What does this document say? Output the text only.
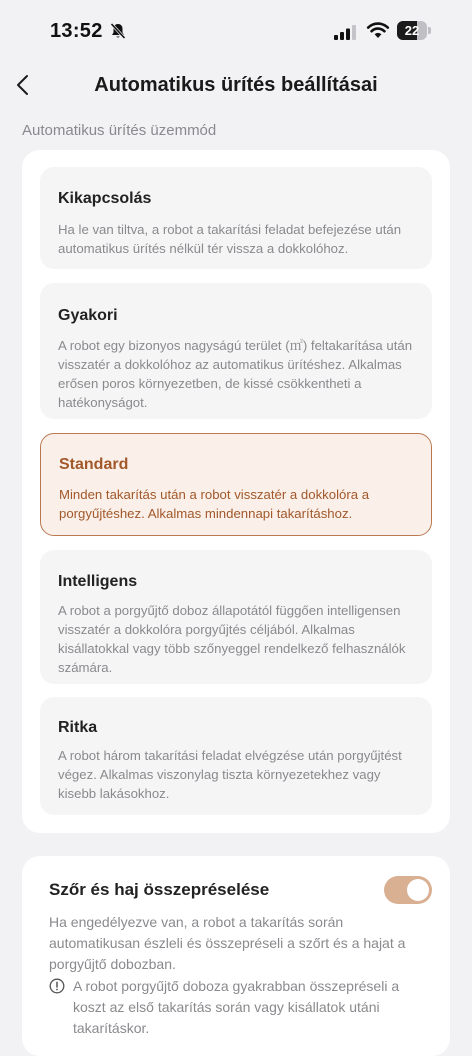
13:52	22
Automatikus ürítés beállításai
Automatikus ürítés üzemmód
Kikapcsolás
Ha le van tiltva, a robot a takarítási feladat befejezése után automatikus ürítés nélkül tér vissza a dokkolóhoz.
Gyakori
A robot egy bizonyos nagyságú terület (㎡) feltakarítása után visszatér a dokkolóhoz az automatikus ürítéshez. Alkalmas erősen poros környezetben, de kissé csökkentheti a hatékonyságot.
Standard
Minden takarítás után a robot visszatér a dokkolóra a porgyűjtéshez. Alkalmas mindennapi takarításhoz.
Intelligens
A robot a porgyűjtő doboz állapotától függően intelligensen visszatér a dokkolóra porgyűjtés céljából. Alkalmas kisállatokkal vagy több szőnyeggel rendelkező felhasználók számára.
Ritka
A robot három takarítási feladat elvégzése után porgyűjtést végez. Alkalmas viszonylag tiszta környezetekhez vagy kisebb lakásokhoz.
Szőr és haj összepréselése
Ha engedélyezve van, a robot a takarítás során automatikusan észleli és összepréseli a szőrt és a hajat a porgyűjtő dobozban.
A robot porgyűjtő doboza gyakrabban összepréseli a koszt az első takarítás során vagy kisállatok utáni takarításkor.
